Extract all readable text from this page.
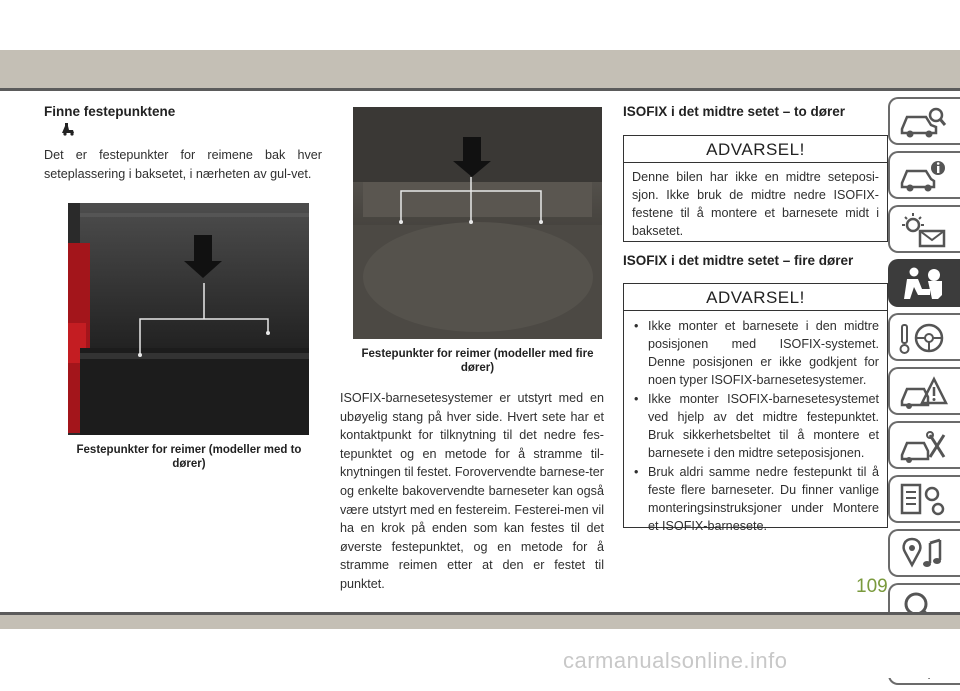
Finne festepunktene

Det er festepunkter for reimene bak hver seteplassering i baksetet, i nærheten av gul-vet.

Festepunkter for reimer (modeller med to dører)
Festepunkter for reimer (modeller med fire dører)

ISOFIX-barnesetesystemer er utstyrt med en ubøyelig stang på hver side. Hvert sete har et kontaktpunkt for tilknytning til det nedre fes-tepunktet og en metode for å stramme til-knytningen til festet. Forovervendte barnese-ter og enkelte bakovervendte barneseter kan også være utstyrt med en festereim. Festerei-men vil ha en krok på enden som kan festes til det øverste festepunktet, og en metode for å stramme reimen etter at den er festet til punktet.

ISOFIX i det midtre setet – to dører
ADVARSEL!

Denne bilen har ikke en midtre seteposi-sjon. Ikke bruk de midtre nedre ISOFIX-festene til å montere et barnesete midt i baksetet.

ISOFIX i det midtre setet – fire dører
ADVARSEL!
• Ikke monter et barnesete i den midtre posisjonen med ISOFIX-systemet. Denne posisjonen er ikke godkjent for noen typer ISOFIX-barnesetesystemer.
• Ikke monter ISOFIX-barnesetesystemet ved hjelp av det midtre festepunktet. Bruk sikkerhetsbeltet til å montere et barnesete i den midtre seteposisjonen.
• Bruk aldri samme nedre festepunkt til å feste flere barneseter. Du finner vanlige monteringsinstruksjoner under Montere et ISOFIX-barnesete.
109
carmanualsonline.info
